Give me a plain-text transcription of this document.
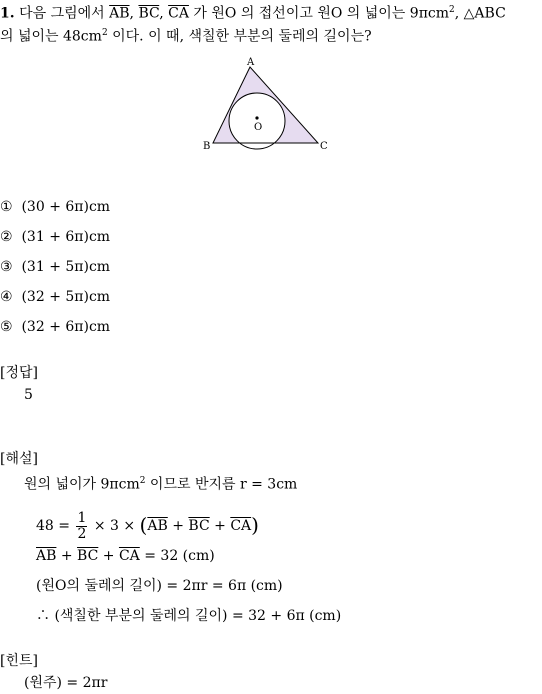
1. 다음 그림에서 $\overline{AB}$, $\overline{BC}$, $\overline{CA}$ 가 원O 의 접선이고 원O 의 넓이는 9πcm$^2$, △ABC
의 넓이는 $48cm^2$ 이다. 이 때, 색칠한 부분의 둘레의 길이는?
A
B	C
O
① (30 + 6π)cm
② (31 + 6π)cm
③ (31 + 5π)cm
④ (32 + 5π)cm
⑤ (32 + 6π)cm
[정답]
5
[해설]
원의 넓이가 9πcm$^2$ 이므로 반지름 r = 3cm
$48 = \frac{1}{2} \times 3 \times (\overline{AB} + \overline{BC} + \overline{CA})$
$\overline{AB} + \overline{BC} + \overline{CA} = 32$ (cm)
(원O의 둘레의 길이) = 2πr = 6π (cm)
∴ (색칠한 부분의 둘레의 길이) = 32 + 6π (cm)
[힌트]
(원주) = 2πr
